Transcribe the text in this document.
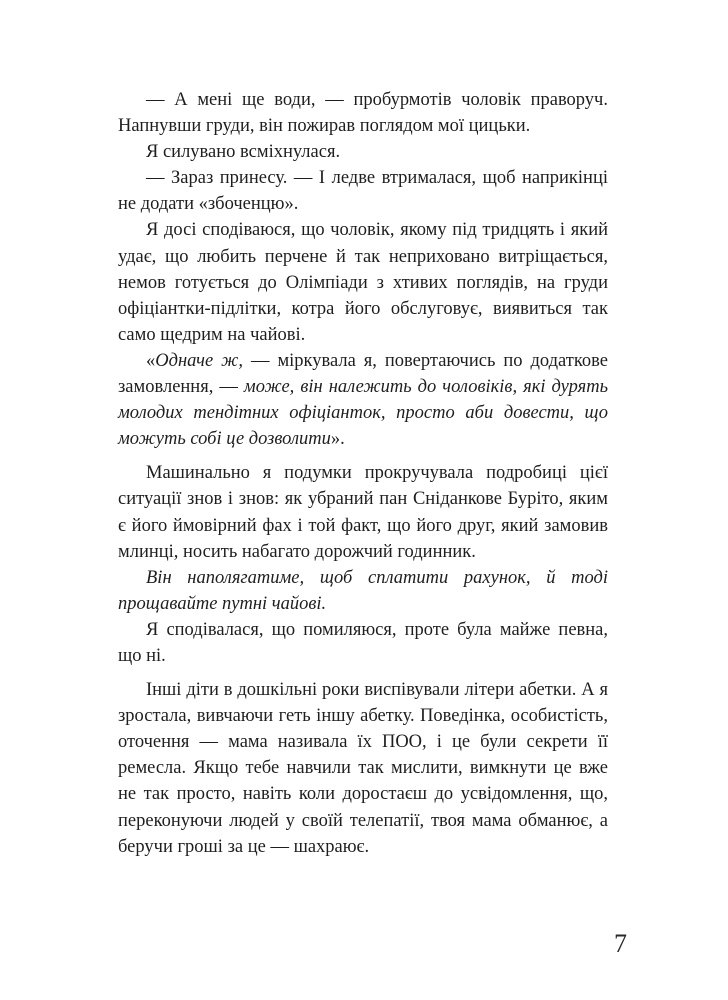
— А мені ще води, — пробурмотів чоловік праворуч. Напнувши груди, він пожирав поглядом мої цицьки.

Я силувано всміхнулася.

— Зараз принесу. — І ледве втрималася, щоб наприкінці не додати «збоченцю».

Я досі сподіваюся, що чоловік, якому під тридцять і який удає, що любить перчене й так неприховано витріщається, немов готується до Олімпіади з хтивих поглядів, на груди офіціантки-підлітки, котра його обслуговує, виявиться так само щедрим на чайові.

«Одначе ж, — міркувала я, повертаючись по додаткове замовлення, — може, він належить до чоловіків, які дурять молодих тендітних офіціанток, просто аби довести, що можуть собі це дозволити».

Машинально я подумки прокручувала подробиці цієї ситуації знов і знов: як убраний пан Сніданкове Буріто, яким є його ймовірний фах і той факт, що його друг, який замовив млинці, носить набагато дорожчий годинник.

Він наполягатиме, щоб сплатити рахунок, й тоді прощавайте путні чайові.

Я сподівалася, що помиляюся, проте була майже певна, що ні.

Інші діти в дошкільні роки виспівували літери абетки. А я зростала, вивчаючи геть іншу абетку. Поведінка, особистість, оточення — мама називала їх ПОО, і це були секрети її ремесла. Якщо тебе навчили так мислити, вимкнути це вже не так просто, навіть коли доростаєш до усвідомлення, що, переконуючи людей у своїй телепатії, твоя мама обманює, а беручи гроші за це — шахраює.

7
